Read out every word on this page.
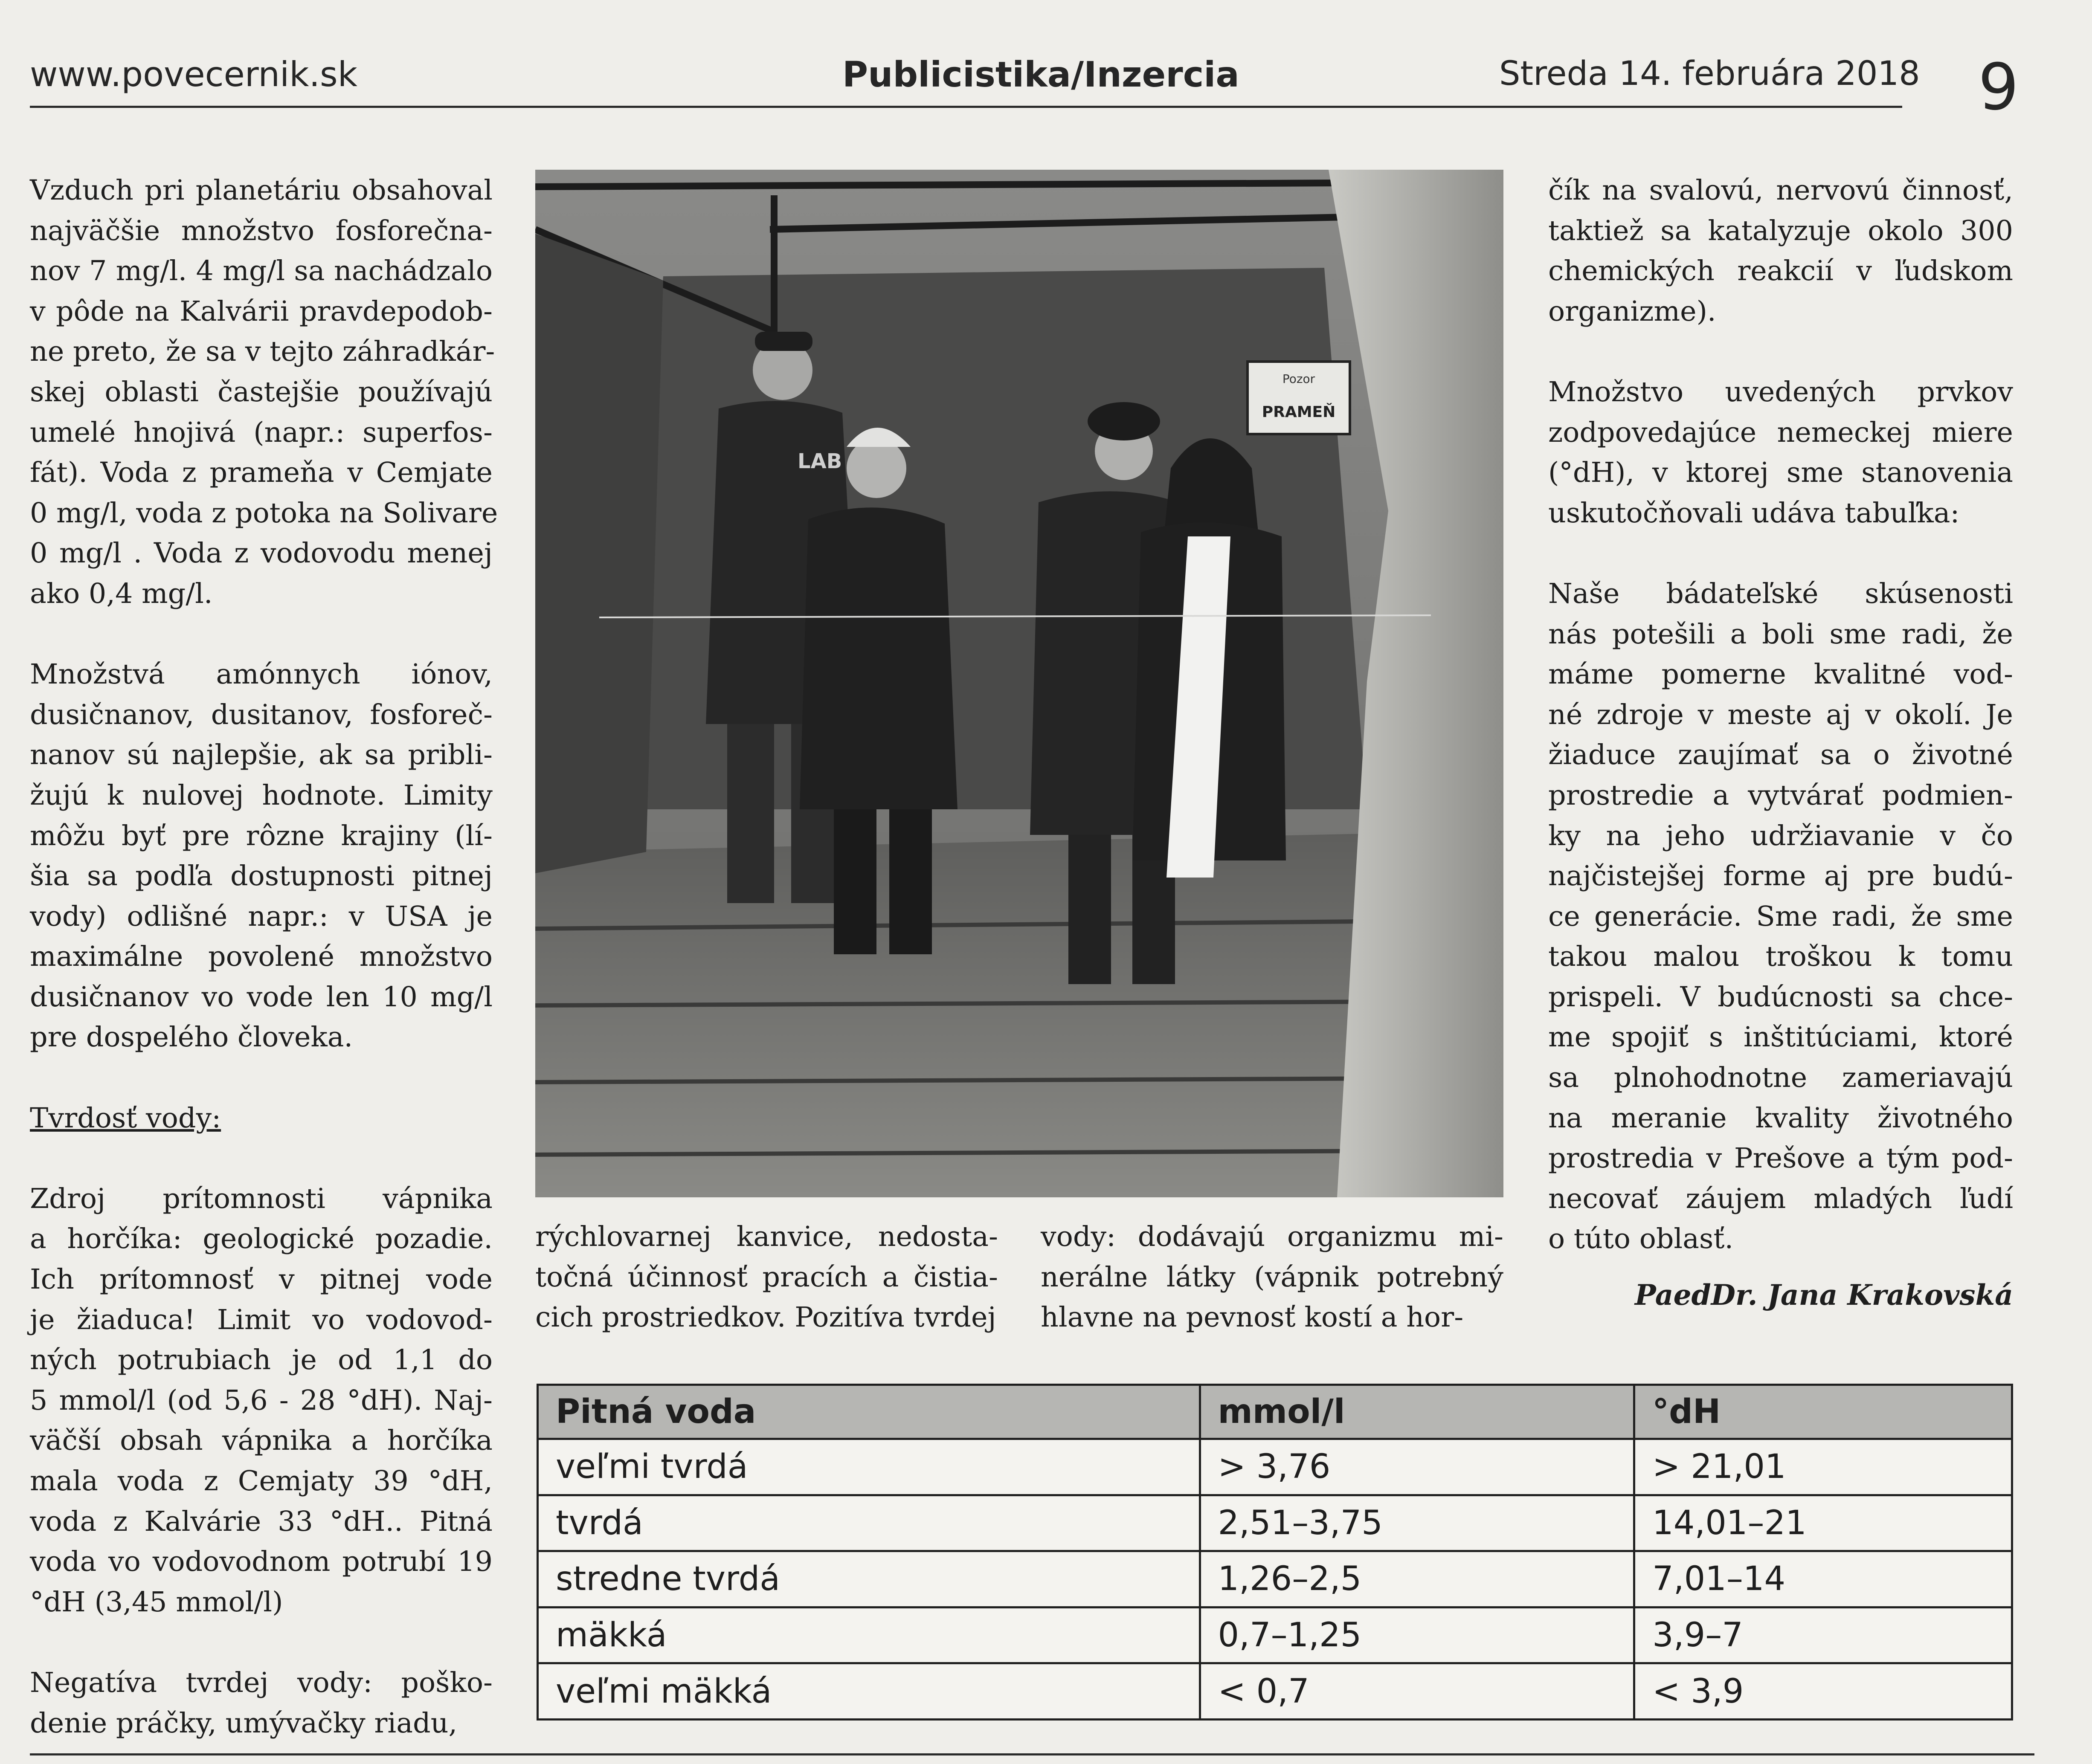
www.povecernik.sk	Publicistika/Inzercia	Streda 14. februára 2018 9

Vzduch pri planetáriu obsahoval
najväčšie množstvo fosforečna-
nov 7 mg/l. 4 mg/l sa nachádzalo
v pôde na Kalvárii pravdepodob-
ne preto, že sa v tejto záhradkár-
skej oblasti častejšie používajú
umelé hnojivá (napr.: superfos-
fát). Voda z prameňa v Cemjate
0 mg/l, voda z potoka na Solivare
0 mg/l . Voda z vodovodu menej
ako 0,4 mg/l.

Množstvá amónnych iónov,
dusičnanov, dusitanov, fosforeč-
nanov sú najlepšie, ak sa pribli-
žujú k nulovej hodnote. Limity
môžu byť pre rôzne krajiny (lí-
šia sa podľa dostupnosti pitnej
vody) odlišné napr.: v USA je
maximálne povolené množstvo
dusičnanov vo vode len 10 mg/l
pre dospelého človeka.

Tvrdosť vody:

Zdroj prítomnosti vápnika
a horčíka: geologické pozadie.
Ich prítomnosť v pitnej vode
je žiaduca! Limit vo vodovod-
ných potrubiach je od 1,1 do
5 mmol/l (od 5,6 - 28 °dH). Naj-
väčší obsah vápnika a horčíka
mala voda z Cemjaty 39 °dH,
voda z Kalvárie 33 °dH.. Pitná
voda vo vodovodnom potrubí 19
°dH (3,45 mmol/l)

Negatíva tvrdej vody: poško-
denie práčky, umývačky riadu,

Pozor
PRAMEŇ
LAB
rýchlovarnej kanvice, nedosta-
točná účinnosť pracích a čistia-
cich prostriedkov. Pozitíva tvrdej
vody: dodávajú organizmu mi-
nerálne látky (vápnik potrebný
hlavne na pevnosť kostí a hor-

čík na svalovú, nervovú činnosť,
taktiež sa katalyzuje okolo 300
chemických reakcií v ľudskom
organizme).

Množstvo uvedených prvkov
zodpovedajúce nemeckej miere
(°dH), v ktorej sme stanovenia
uskutočňovali udáva tabuľka:

Naše bádateľské skúsenosti
nás potešili a boli sme radi, že
máme pomerne kvalitné vod-
né zdroje v meste aj v okolí. Je
žiaduce zaujímať sa o životné
prostredie a vytvárať podmien-
ky na jeho udržiavanie v čo
najčistejšej forme aj pre budú-
ce generácie. Sme radi, že sme
takou malou troškou k tomu
prispeli. V budúcnosti sa chce-
me spojiť s inštitúciami, ktoré
sa plnohodnotne zameriavajú
na meranie kvality životného
prostredia v Prešove a tým pod-
necovať záujem mladých ľudí
o túto oblasť.

PaedDr. Jana Krakovská
Pitná voda	mmol/l	°dH
veľmi tvrdá	> 3,76	> 21,01
tvrdá	2,51–3,75	14,01–21
stredne tvrdá	1,26–2,5	7,01–14
mäkká	0,7–1,25	3,9–7
veľmi mäkká	< 0,7	< 3,9
